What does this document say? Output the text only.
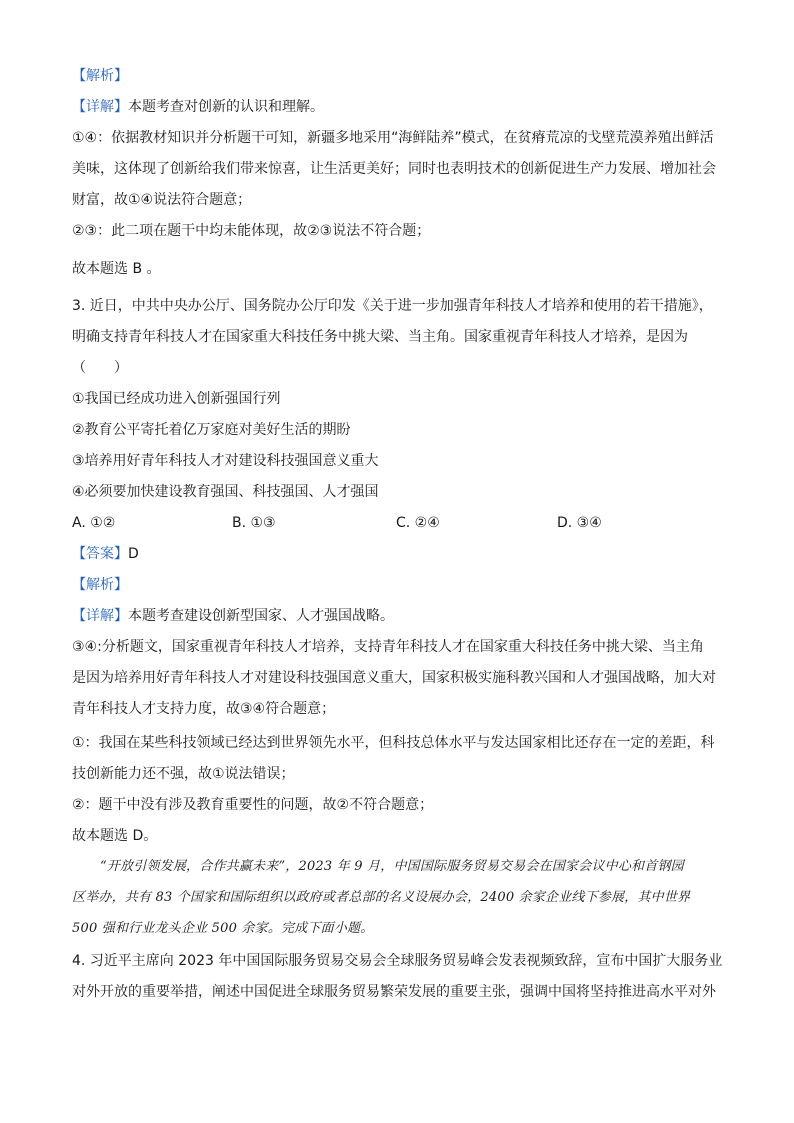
【解析】
【详解】本题考查对创新的认识和理解。
①④：依据教材知识并分析题干可知，新疆多地采用“海鲜陆养”模式，在贫瘠荒凉的戈壁荒漠养殖出鲜活
美味，这体现了创新给我们带来惊喜，让生活更美好；同时也表明技术的创新促进生产力发展、增加社会
财富，故①④说法符合题意；
②③：此二项在题干中均未能体现，故②③说法不符合题；
故本题选 B 。
3. 近日，中共中央办公厅、国务院办公厅印发《关于进一步加强青年科技人才培养和使用的若干措施》，
明确支持青年科技人才在国家重大科技任务中挑大梁、当主角。国家重视青年科技人才培养，是因为
（　　）
①我国已经成功进入创新强国行列
②教育公平寄托着亿万家庭对美好生活的期盼
③培养用好青年科技人才对建设科技强国意义重大
④必须要加快建设教育强国、科技强国、人才强国
A. ①②	B. ①③	C. ②④	D. ③④
【答案】D
【解析】
【详解】本题考查建设创新型国家、人才强国战略。
③④:分析题文，国家重视青年科技人才培养，支持青年科技人才在国家重大科技任务中挑大梁、当主角
是因为培养用好青年科技人才对建设科技强国意义重大，国家积极实施科教兴国和人才强国战略，加大对
青年科技人才支持力度，故③④符合题意；
①：我国在某些科技领域已经达到世界领先水平，但科技总体水平与发达国家相比还存在一定的差距，科
技创新能力还不强，故①说法错误；
②：题干中没有涉及教育重要性的问题，故②不符合题意；
故本题选 D。
“开放引领发展，合作共赢未来”，2023 年 9 月，中国国际服务贸易交易会在国家会议中心和首钢园
区举办，共有 83 个国家和国际组织以政府或者总部的名义设展办会，2400 余家企业线下参展，其中世界
500 强和行业龙头企业 500 余家。完成下面小题。
4. 习近平主席向 2023 年中国国际服务贸易交易会全球服务贸易峰会发表视频致辞，宣布中国扩大服务业
对外开放的重要举措，阐述中国促进全球服务贸易繁荣发展的重要主张，强调中国将坚持推进高水平对外
